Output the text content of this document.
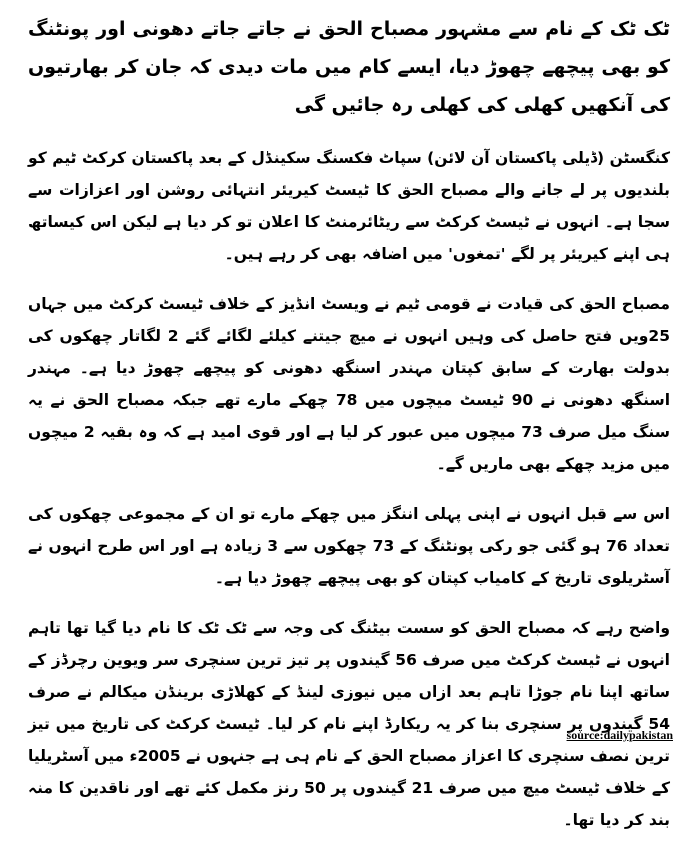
ٹک ٹک کے نام سے مشہور مصباح الحق نے جاتے جاتے دھونی اور پونٹنگ کو بھی پیچھے چھوڑ دیا، ایسے کام میں مات دیدی کہ جان کر بھارتیوں کی آنکھیں کھلی کی کھلی رہ جائیں گی

کنگسٹن (ڈیلی پاکستان آن لائن) سپاٹ فکسنگ سکینڈل کے بعد پاکستان کرکٹ ٹیم کو بلندیوں پر لے جانے والے مصباح الحق کا ٹیسٹ کیریئر انتہائی روشن اور اعزازات سے سجا ہے۔ انہوں نے ٹیسٹ کرکٹ سے ریٹائرمنٹ کا اعلان تو کر دیا ہے لیکن اس کیساتھ ہی اپنے کیریئر پر لگے 'تمغوں' میں اضافہ بھی کر رہے ہیں۔

مصباح الحق کی قیادت نے قومی ٹیم نے ویسٹ انڈیز کے خلاف ٹیسٹ کرکٹ میں جہاں 25ویں فتح حاصل کی وہیں انہوں نے میچ جیتنے کیلئے لگائے گئے 2 لگاتار چھکوں کی بدولت بھارت کے سابق کپتان مہندر اسنگھ دھونی کو پیچھے چھوڑ دیا ہے۔ مہندر اسنگھ دھونی نے 90 ٹیسٹ میچوں میں 78 چھکے مارے تھے جبکہ مصباح الحق نے یہ سنگ میل صرف 73 میچوں میں عبور کر لیا ہے اور قوی امید ہے کہ وہ بقیہ 2 میچوں میں مزید چھکے بھی ماریں گے۔

اس سے قبل انہوں نے اپنی پہلی اننگز میں چھکے مارے تو ان کے مجموعی چھکوں کی تعداد 76 ہو گئی جو رکی پونٹنگ کے 73 چھکوں سے 3 زیادہ ہے اور اس طرح انہوں نے آسٹریلوی تاریخ کے کامیاب کپتان کو بھی پیچھے چھوڑ دیا ہے۔

واضح رہے کہ مصباح الحق کو سست بیٹنگ کی وجہ سے ٹک ٹک کا نام دیا گیا تھا تاہم انہوں نے ٹیسٹ کرکٹ میں صرف 56 گیندوں پر تیز ترین سنچری سر ویوین رچرڈز کے ساتھ اپنا نام جوڑا تاہم بعد ازاں میں نیوزی لینڈ کے کھلاڑی برینڈن میکالم نے صرف 54 گیندوں پر سنچری بنا کر یہ ریکارڈ اپنے نام کر لیا۔ ٹیسٹ کرکٹ کی تاریخ میں تیز ترین نصف سنچری کا اعزاز مصباح الحق کے نام ہی ہے جنہوں نے 2005ء میں آسٹریلیا کے خلاف ٹیسٹ میچ میں صرف 21 گیندوں پر 50 رنز مکمل کئے تھے اور ناقدین کا منہ بند کر دیا تھا۔

source:dailypakistan
